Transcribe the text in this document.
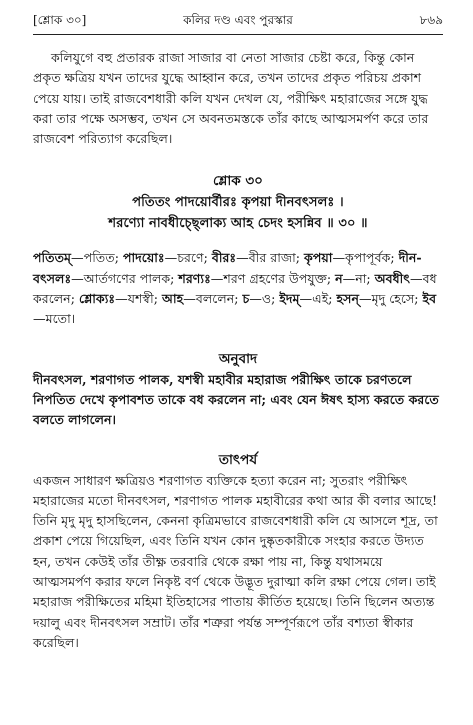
[শ্লোক ৩০]	কলির দণ্ড এবং পুরস্কার	৮৬৯

কলিযুগে বহু প্রতারক রাজা সাজার বা নেতা সাজার চেষ্টা করে, কিন্তু কোন প্রকৃত ক্ষত্রিয় যখন তাদের যুদ্ধে আহ্বান করে, তখন তাদের প্রকৃত পরিচয় প্রকাশ পেয়ে যায়। তাই রাজবেশধারী কলি যখন দেখল যে, পরীক্ষিৎ মহারাজের সঙ্গে যুদ্ধ করা তার পক্ষে অসম্ভব, তখন সে অবনতমস্তকে তাঁর কাছে আত্মসমর্পণ করে তার রাজবেশ পরিত্যাগ করেছিল।

শ্লোক ৩০

পতিতং পাদয়োর্বীরঃ কৃপয়া দীনবৎসলঃ ।

শরণ্যো নাবধীচ্ছ্লোক্য আহ চেদং হসন্নিব ॥ ৩০ ॥

পতিতম্—পতিত; পাদয়োঃ—চরণে; বীরঃ—বীর রাজা; কৃপয়া—কৃপাপূর্বক; দীন-বৎসলঃ—আর্তগণের পালক; শরণ্যঃ—শরণ গ্রহণের উপযুক্ত; ন—না; অবধীৎ—বধ করলেন; শ্লোক্যঃ—যশস্বী; আহ—বললেন; চ—ও; ইদম্—এই; হসন্—মৃদু হেসে; ইব—মতো।

অনুবাদ

দীনবৎসল, শরণাগত পালক, যশস্বী মহাবীর মহারাজ পরীক্ষিৎ তাকে চরণতলে নিপতিত দেখে কৃপাবশত তাকে বধ করলেন না; এবং যেন ঈষৎ হাস্য করতে করতে বলতে লাগলেন।

তাৎপর্য

একজন সাধারণ ক্ষত্রিয়ও শরণাগত ব্যক্তিকে হত্যা করেন না; সুতরাং পরীক্ষিৎ মহারাজের মতো দীনবৎসল, শরণাগত পালক মহাবীরের কথা আর কী বলার আছে! তিনি মৃদু মৃদু হাসছিলেন, কেননা কৃত্রিমভাবে রাজবেশধারী কলি যে আসলে শূদ্র, তা প্রকাশ পেয়ে গিয়েছিল, এবং তিনি যখন কোন দুষ্কৃতকারীকে সংহার করতে উদ্যত হন, তখন কেউই তাঁর তীক্ষ্ণ তরবারি থেকে রক্ষা পায় না, কিন্তু যথাসময়ে আত্মসমর্পণ করার ফলে নিকৃষ্ট বর্ণ থেকে উদ্ভূত দুরাত্মা কলি রক্ষা পেয়ে গেল। তাই মহারাজ পরীক্ষিতের মহিমা ইতিহাসের পাতায় কীর্তিত হয়েছে। তিনি ছিলেন অত্যন্ত দয়ালু এবং দীনবৎসল সম্রাট। তাঁর শত্রুরা পর্যন্ত সম্পূর্ণরূপে তাঁর বশ্যতা স্বীকার করেছিল।
